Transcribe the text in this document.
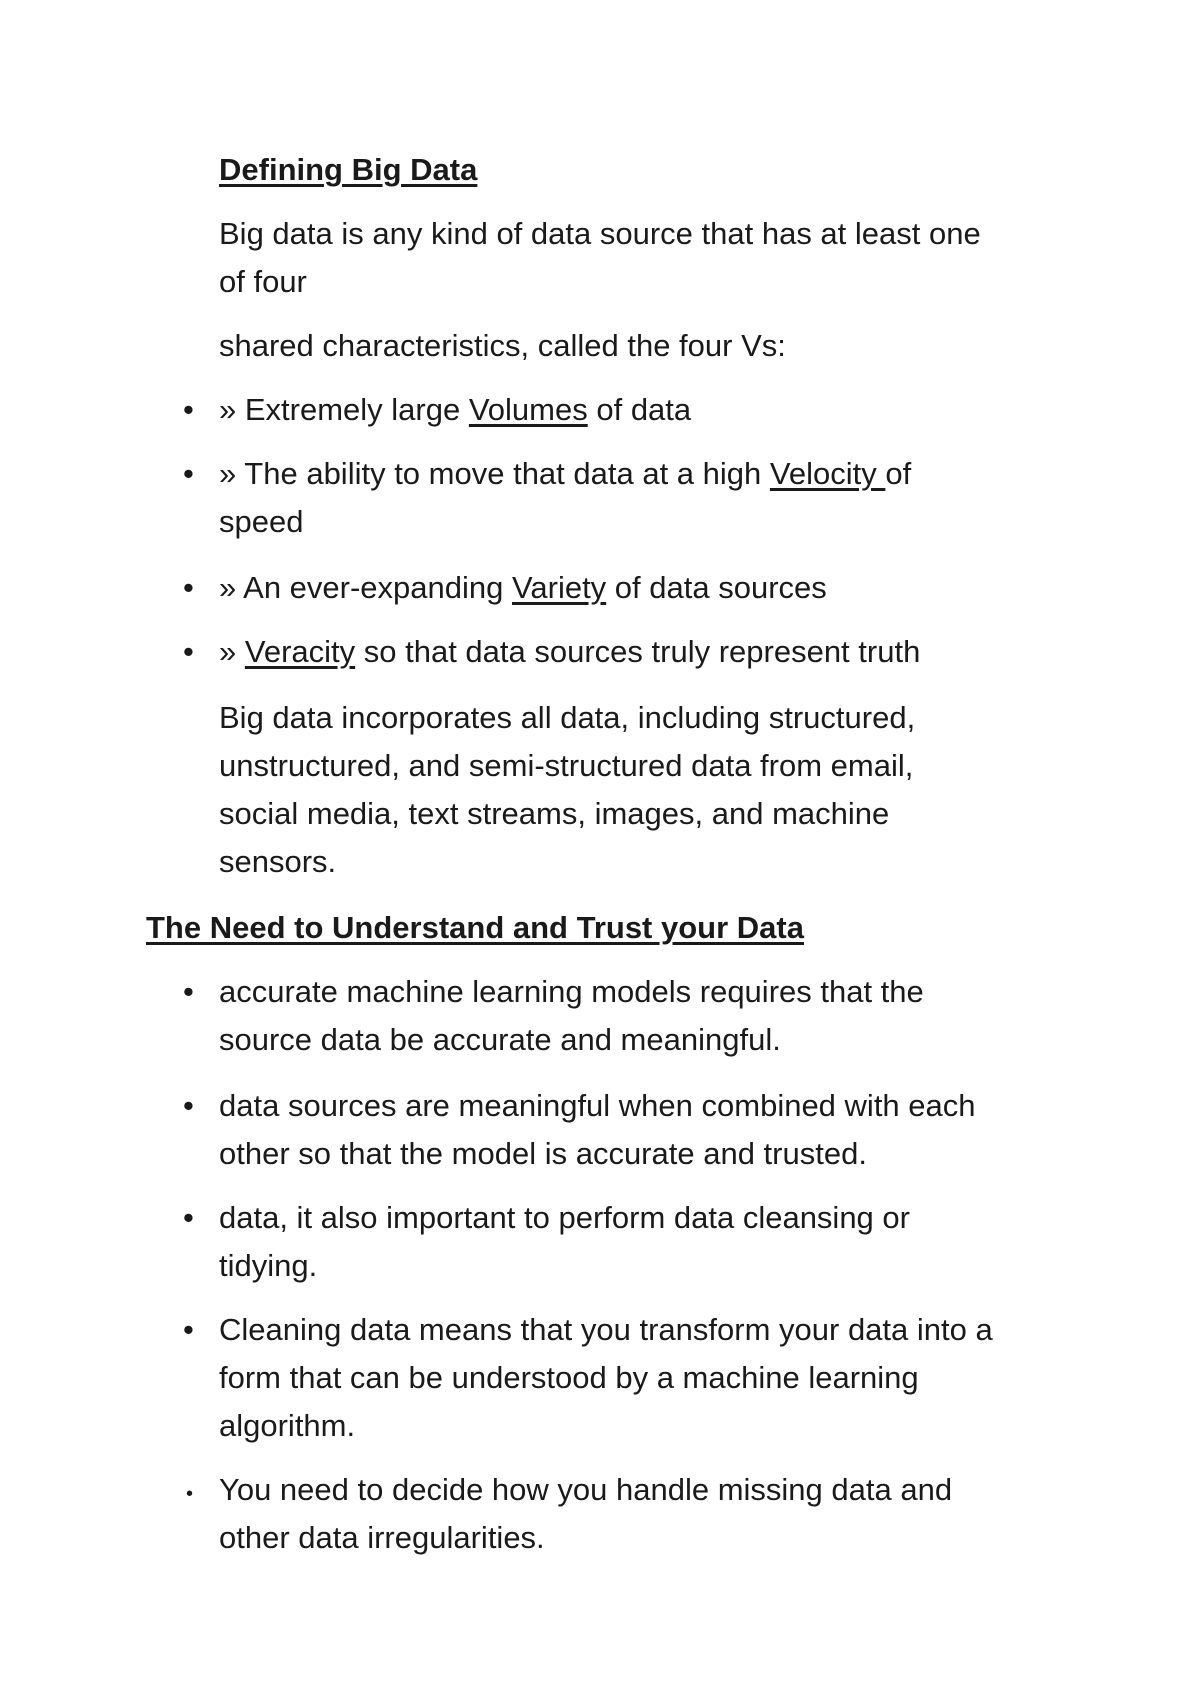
Defining Big Data
Big data is any kind of data source that has at least one
of four
shared characteristics, called the four Vs:
• » Extremely large Volumes of data
• » The ability to move that data at a high Velocity of
speed
• » An ever-expanding Variety of data sources
• » Veracity so that data sources truly represent truth
Big data incorporates all data, including structured,
unstructured, and semi-structured data from email,
social media, text streams, images, and machine
sensors.
The Need to Understand and Trust your Data
• accurate machine learning models requires that the
source data be accurate and meaningful.
• data sources are meaningful when combined with each
other so that the model is accurate and trusted.
• data, it also important to perform data cleansing or
tidying.
• Cleaning data means that you transform your data into a
form that can be understood by a machine learning
algorithm.
• You need to decide how you handle missing data and
other data irregularities.
